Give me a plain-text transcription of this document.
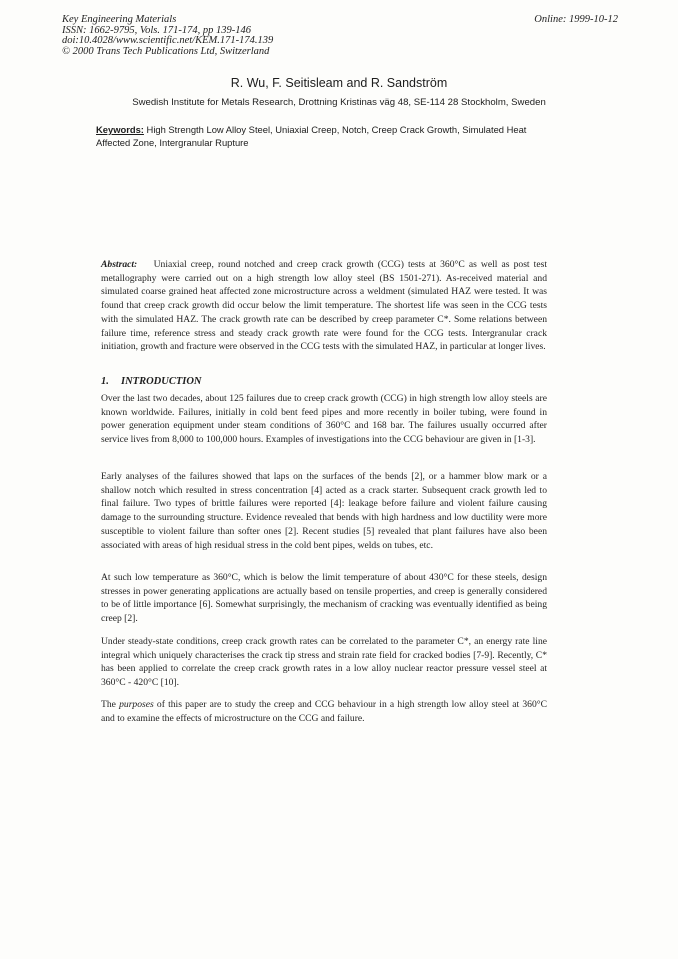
Key Engineering Materials
ISSN: 1662-9795, Vols. 171-174, pp 139-146
doi:10.4028/www.scientific.net/KEM.171-174.139
© 2000 Trans Tech Publications Ltd, Switzerland
Online: 1999-10-12
R. Wu, F. Seitisleam and R. Sandström
Swedish Institute for Metals Research, Drottning Kristinas väg 48, SE-114 28 Stockholm, Sweden
Keywords: High Strength Low Alloy Steel, Uniaxial Creep, Notch, Creep Crack Growth, Simulated Heat Affected Zone, Intergranular Rupture

Abstract: Uniaxial creep, round notched and creep crack growth (CCG) tests at 360°C as well as post test metallography were carried out on a high strength low alloy steel (BS 1501-271). As-received material and simulated coarse grained heat affected zone microstructure across a weldment (simulated HAZ were tested. It was found that creep crack growth did occur below the limit temperature. The shortest life was seen in the CCG tests with the simulated HAZ. The crack growth rate can be described by creep parameter C*. Some relations between failure time, reference stress and steady crack growth rate were found for the CCG tests. Intergranular crack initiation, growth and fracture were observed in the CCG tests with the simulated HAZ, in particular at longer lives.

1. INTRODUCTION

Over the last two decades, about 125 failures due to creep crack growth (CCG) in high strength low alloy steels are known worldwide. Failures, initially in cold bent feed pipes and more recently in boiler tubing, were found in power generation equipment under steam conditions of 360°C and 168 bar. The failures usually occurred after service lives from 8,000 to 100,000 hours. Examples of investigations into the CCG behaviour are given in [1-3].

Early analyses of the failures showed that laps on the surfaces of the bends [2], or a hammer blow mark or a shallow notch which resulted in stress concentration [4] acted as a crack starter. Subsequent crack growth led to final failure. Two types of brittle failures were reported [4]: leakage before failure and violent failure causing damage to the surrounding structure. Evidence revealed that bends with high hardness and low ductility were more susceptible to violent failure than softer ones [2]. Recent studies [5] revealed that plant failures have also been associated with areas of high residual stress in the cold bent pipes, welds on tubes, etc.

At such low temperature as 360°C, which is below the limit temperature of about 430°C for these steels, design stresses in power generating applications are actually based on tensile properties, and creep is generally considered to be of little importance [6]. Somewhat surprisingly, the mechanism of cracking was eventually identified as being creep [2].

Under steady-state conditions, creep crack growth rates can be correlated to the parameter C*, an energy rate line integral which uniquely characterises the crack tip stress and strain rate field for cracked bodies [7-9]. Recently, C* has been applied to correlate the creep crack growth rates in a low alloy nuclear reactor pressure vessel steel at 360°C - 420°C [10].

The purposes of this paper are to study the creep and CCG behaviour in a high strength low alloy steel at 360°C and to examine the effects of microstructure on the CCG and failure.
